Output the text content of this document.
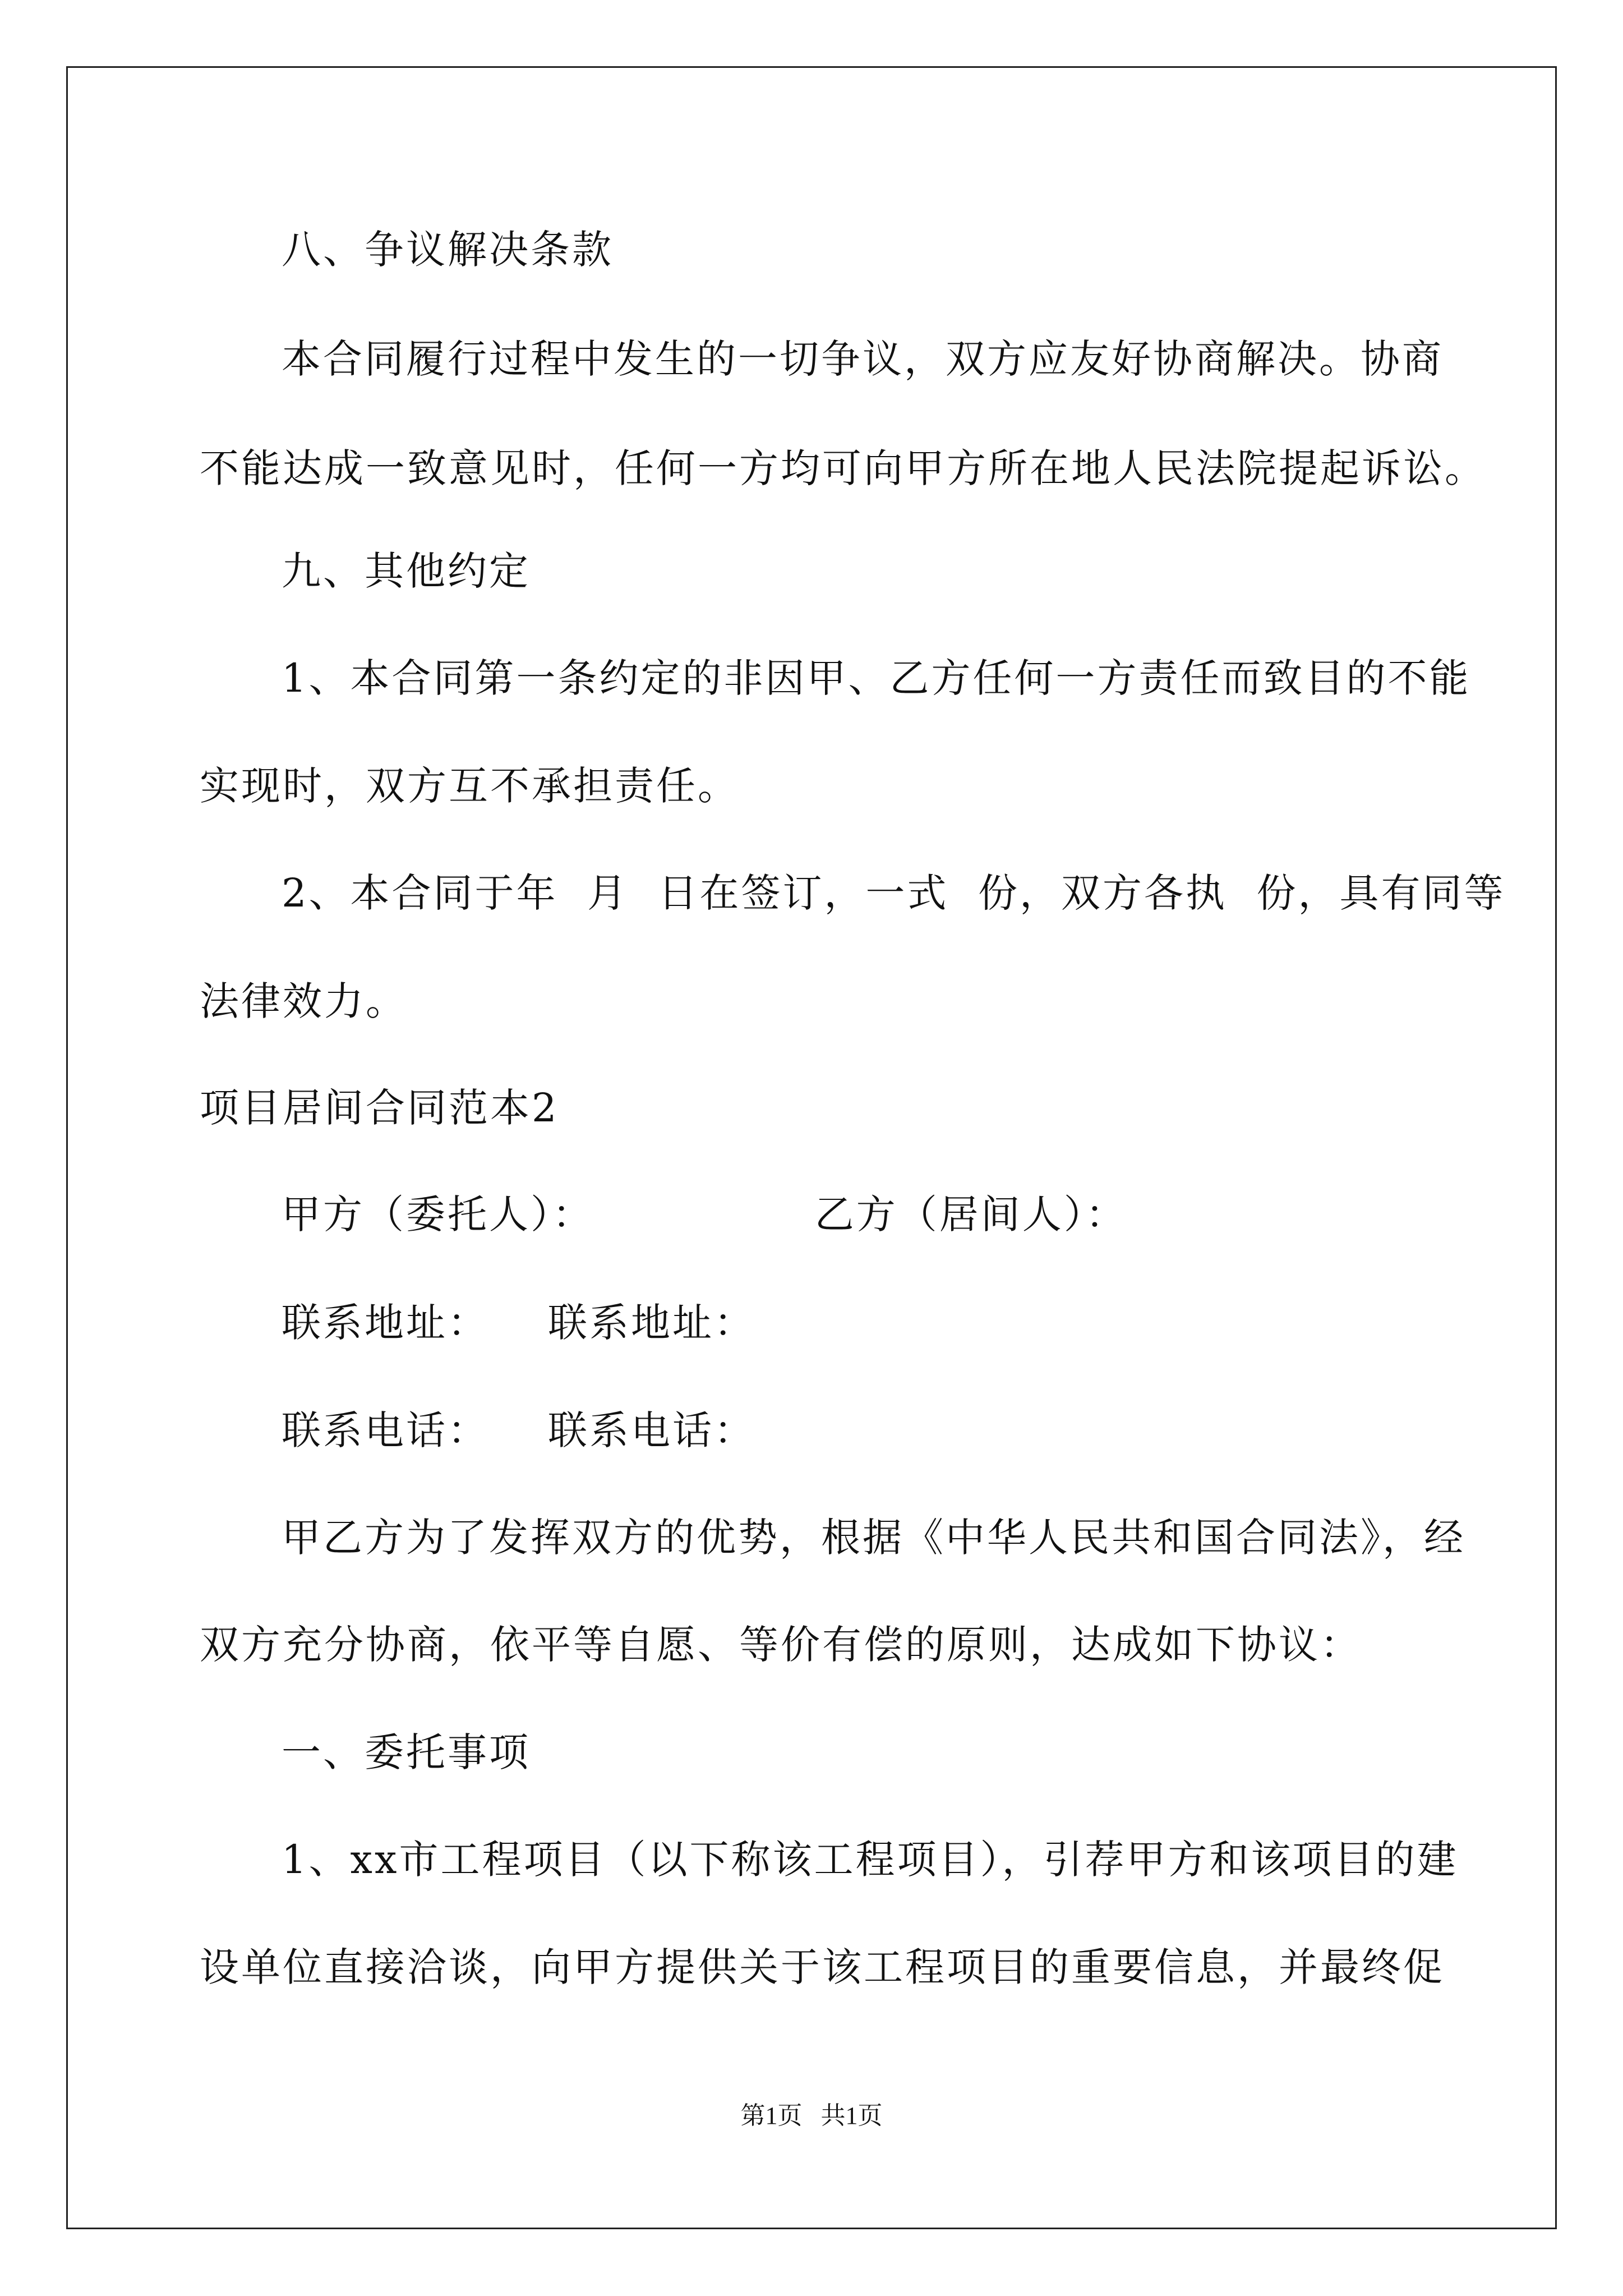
八、争议解决条款
本合同履行过程中发生的一切争议，双方应友好协商解决。协商
不能达成一致意见时，任何一方均可向甲方所在地人民法院提起诉讼。
九、其他约定
1、本合同第一条约定的非因甲、乙方任何一方责任而致目的不能
实现时，双方互不承担责任。
2、本合同于年  月  日在签订，一式  份，双方各执  份，具有同等
法律效力。
项目居间合同范本2
甲方（委托人）：               乙方（居间人）：
联系地址：    联系地址：
联系电话：    联系电话：
甲乙方为了发挥双方的优势，根据《中华人民共和国合同法》，经
双方充分协商，依平等自愿、等价有偿的原则，达成如下协议：
一、委托事项
1、xx市工程项目（以下称该工程项目），引荐甲方和该项目的建
设单位直接洽谈，向甲方提供关于该工程项目的重要信息，并最终促
第1页   共1页
